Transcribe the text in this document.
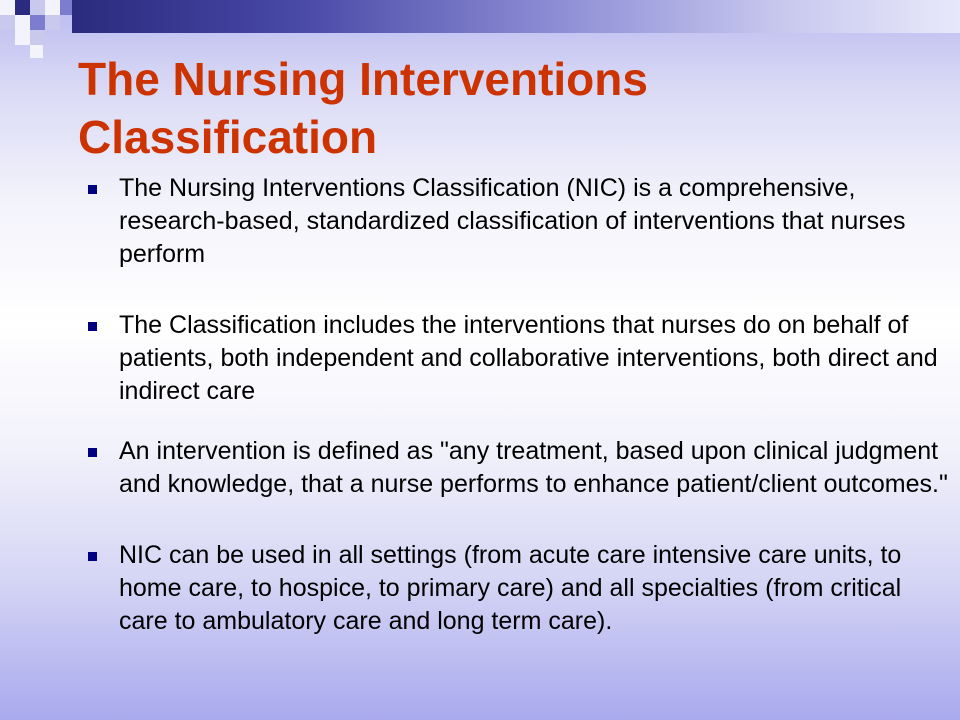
The Nursing Interventions Classification
The Nursing Interventions Classification (NIC) is a comprehensive, research-based, standardized classification of interventions that nurses perform
The Classification includes the interventions that nurses do on behalf of patients, both independent and collaborative interventions, both direct and indirect care
An intervention is defined as "any treatment, based upon clinical judgment and knowledge, that a nurse performs to enhance patient/client outcomes."
NIC can be used in all settings (from acute care intensive care units, to home care, to hospice, to primary care) and all specialties (from critical care to ambulatory care and long term care).
